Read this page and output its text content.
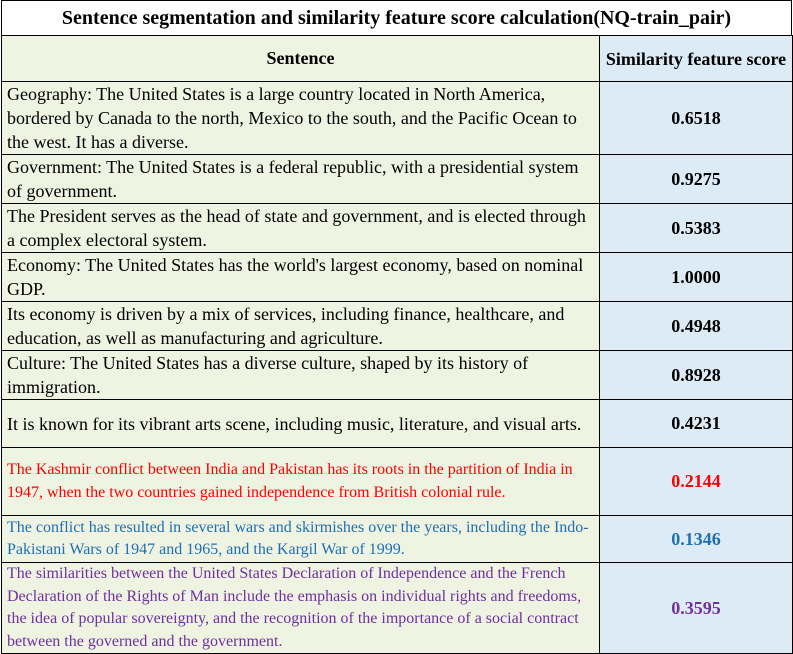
Sentence segmentation and similarity feature score calculation(NQ-train_pair)
Sentence	Similarity feature score
Geography: The United States is a large country located in North America, bordered by Canada to the north, Mexico to the south, and the Pacific Ocean to the west. It has a diverse.	0.6518
Government: The United States is a federal republic, with a presidential system of government.	0.9275
The President serves as the head of state and government, and is elected through a complex electoral system.	0.5383
Economy: The United States has the world's largest economy, based on nominal GDP.	1.0000
Its economy is driven by a mix of services, including finance, healthcare, and education, as well as manufacturing and agriculture.	0.4948
Culture: The United States has a diverse culture, shaped by its history of immigration.	0.8928
It is known for its vibrant arts scene, including music, literature, and visual arts.	0.4231
The Kashmir conflict between India and Pakistan has its roots in the partition of India in 1947, when the two countries gained independence from British colonial rule.	0.2144
The conflict has resulted in several wars and skirmishes over the years, including the Indo-Pakistani Wars of 1947 and 1965, and the Kargil War of 1999.	0.1346
The similarities between the United States Declaration of Independence and the French Declaration of the Rights of Man include the emphasis on individual rights and freedoms, the idea of popular sovereignty, and the recognition of the importance of a social contract between the governed and the government.	0.3595
